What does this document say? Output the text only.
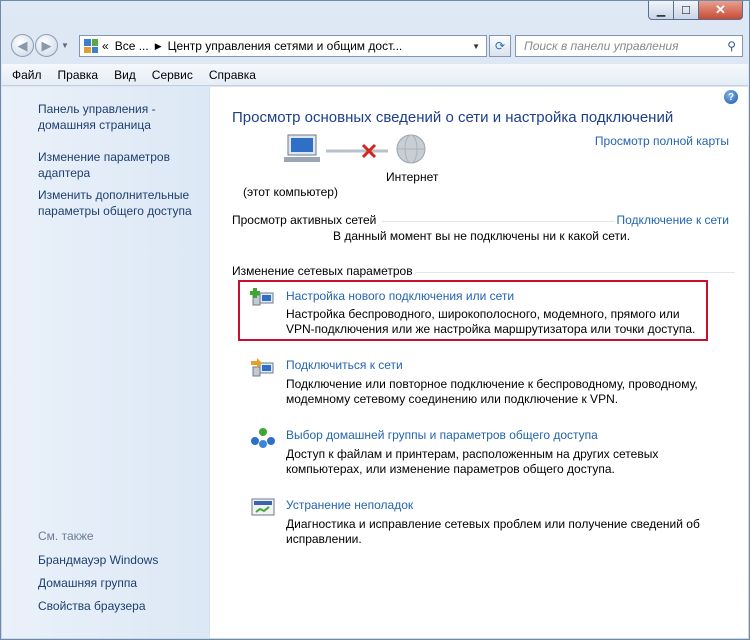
▁	☐	✕
◀ ▶ ▼	« Все ... ▶ Центр управления сетями и общим дост...	▼ ⟳
Поиск в панели управления	⚲
Файл Правка Вид Сервис Справка
Панель управления -
домашняя страница
Изменение параметров
адаптера
Изменить дополнительные
параметры общего доступа
См. также
Брандмауэр Windows
Домашняя группа
Свойства браузера
?
Просмотр основных сведений о сети и настройка подключений
Просмотр полной карты
(этот компьютер)
Интернет
Просмотр активных сетей	Подключение к сети
В данный момент вы не подключены ни к какой сети.
Изменение сетевых параметров
Настройка нового подключения или сети
Настройка беспроводного, широкополосного, модемного, прямого или
VPN-подключения или же настройка маршрутизатора или точки доступа.
Подключиться к сети
Подключение или повторное подключение к беспроводному, проводному,
модемному сетевому соединению или подключение к VPN.
Выбор домашней группы и параметров общего доступа
Доступ к файлам и принтерам, расположенным на других сетевых
компьютерах, или изменение параметров общего доступа.
Устранение неполадок
Диагностика и исправление сетевых проблем или получение сведений об
исправлении.
